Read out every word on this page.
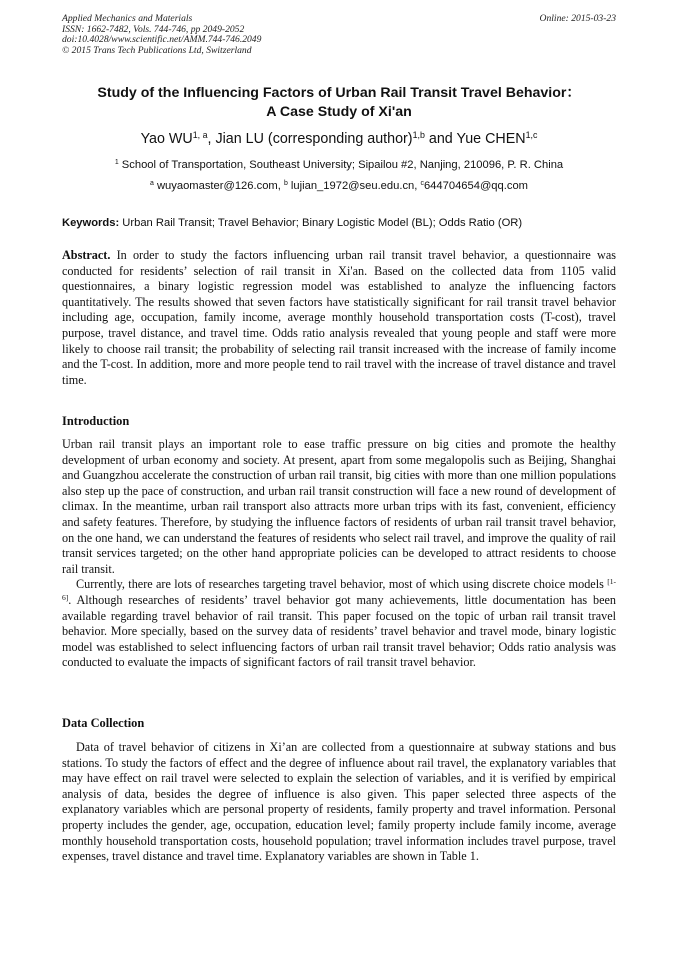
Applied Mechanics and Materials
ISSN: 1662-7482, Vols. 744-746, pp 2049-2052
doi:10.4028/www.scientific.net/AMM.744-746.2049
© 2015 Trans Tech Publications Ltd, Switzerland
Online: 2015-03-23
Study of the Influencing Factors of Urban Rail Transit Travel Behavior：
A Case Study of Xi'an
Yao WU$^{1, a}$, Jian LU (corresponding author)$^{1,b}$ and Yue CHEN$^{1,c}$
$^1$ School of Transportation, Southeast University; Sipailou #2, Nanjing, 210096, P. R. China
$^a$ wuyaomaster@126.com, $^b$ lujian_1972@seu.edu.cn, $^c$644704654@qq.com
Keywords: Urban Rail Transit; Travel Behavior; Binary Logistic Model (BL); Odds Ratio (OR)

Abstract. In order to study the factors influencing urban rail transit travel behavior, a questionnaire was conducted for residents’ selection of rail transit in Xi'an. Based on the collected data from 1105 valid questionnaires, a binary logistic regression model was established to analyze the influencing factors quantitatively. The results showed that seven factors have statistically significant for rail transit travel behavior including age, occupation, family income, average monthly household transportation costs (T-cost), travel purpose, travel distance, and travel time. Odds ratio analysis revealed that young people and staff were more likely to choose rail transit; the probability of selecting rail transit increased with the increase of family income and the T-cost. In addition, more and more people tend to rail travel with the increase of travel distance and travel time.

Introduction

Urban rail transit plays an important role to ease traffic pressure on big cities and promote the healthy development of urban economy and society. At present, apart from some megalopolis such as Beijing, Shanghai and Guangzhou accelerate the construction of urban rail transit, big cities with more than one million populations also step up the pace of construction, and urban rail transit construction will face a new round of development of climax. In the meantime, urban rail transport also attracts more urban trips with its fast, convenient, efficiency and safety features. Therefore, by studying the influence factors of residents of urban rail transit travel behavior, on the one hand, we can understand the features of residents who select rail travel, and improve the quality of rail transit services targeted; on the other hand appropriate policies can be developed to attract residents to choose rail transit.

Currently, there are lots of researches targeting travel behavior, most of which using discrete choice models [1-6]. Although researches of residents’ travel behavior got many achievements, little documentation has been available regarding travel behavior of rail transit. This paper focused on the topic of urban rail transit travel behavior. More specially, based on the survey data of residents’ travel behavior and travel mode, binary logistic model was established to select influencing factors of urban rail transit travel behavior; Odds ratio analysis was conducted to evaluate the impacts of significant factors of rail transit travel behavior.

Data Collection

Data of travel behavior of citizens in Xi’an are collected from a questionnaire at subway stations and bus stations. To study the factors of effect and the degree of influence about rail travel, the explanatory variables that may have effect on rail travel were selected to explain the selection of variables, and it is verified by empirical analysis of data, besides the degree of influence is also given. This paper selected three aspects of the explanatory variables which are personal property of residents, family property and travel information. Personal property includes the gender, age, occupation, education level; family property include family income, average monthly household transportation costs, household population; travel information includes travel purpose, travel expenses, travel distance and travel time. Explanatory variables are shown in Table 1.
